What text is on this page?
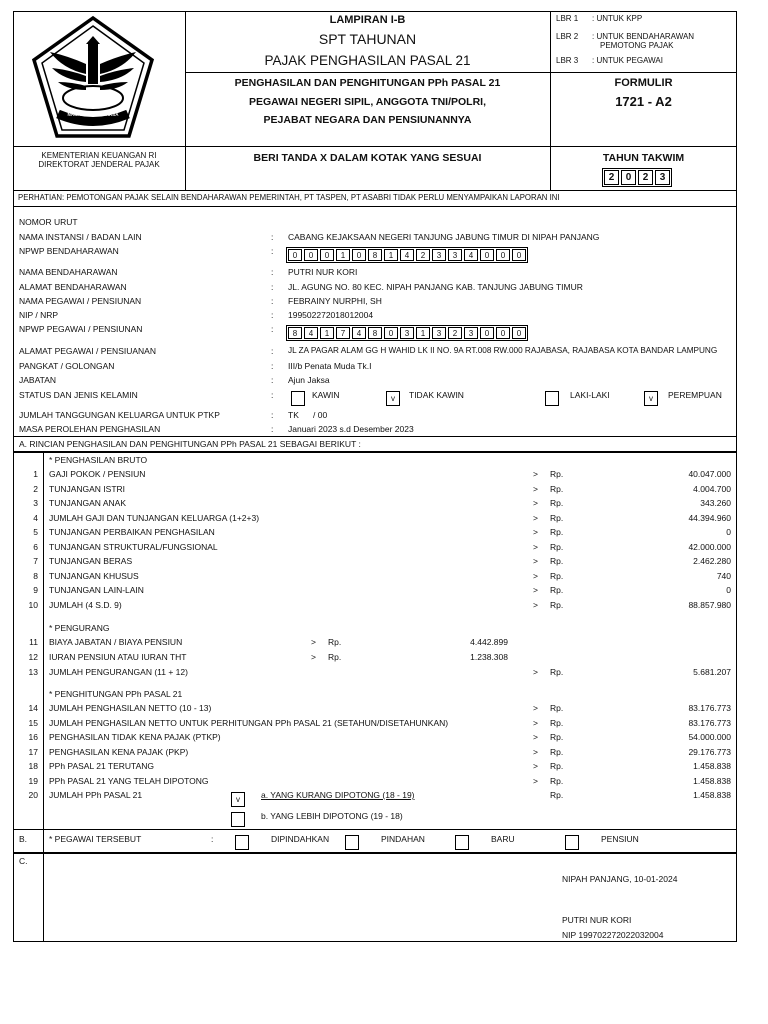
NAGARA DANA RAKSA
KEMENTERIAN KEUANGAN RI
DIREKTORAT JENDERAL PAJAK
LAMPIRAN I-B
SPT TAHUNAN
PAJAK PENGHASILAN PASAL 21
PENGHASILAN DAN PENGHITUNGAN PPh PASAL 21
PEGAWAI NEGERI SIPIL, ANGGOTA TNI/POLRI,
PEJABAT NEGARA DAN PENSIUNANNYA
BERI TANDA X DALAM KOTAK YANG SESUAI
LBR 1 : UNTUK KPP
LBR 2 : UNTUK BENDAHARAWAN
PEMOTONG PAJAK
LBR 3 : UNTUK PEGAWAI
FORMULIR
1721 - A2
TAHUN TAKWIM
2	0	2	3
PERHATIAN: PEMOTONGAN PAJAK SELAIN BENDAHARAWAN PEMERINTAH, PT TASPEN, PT ASABRI TIDAK PERLU MENYAMPAIKAN LAPORAN INI
NOMOR URUT
NAMA INSTANSI / BADAN LAIN	: CABANG KEJAKSAAN NEGERI TANJUNG JABUNG TIMUR DI NIPAH PANJANG
NPWP BENDAHARAWAN	:	0	0	0	1	0	8	1	4	2	3	3	4	0	0	0
NAMA BENDAHARAWAN	: PUTRI NUR KORI
ALAMAT BENDAHARAWAN	: JL. AGUNG NO. 80 KEC. NIPAH PANJANG KAB. TANJUNG JABUNG TIMUR
NAMA PEGAWAI / PENSIUNAN	: FEBRAINY NURPHI, SH
NIP / NRP	: 199502272018012004
NPWP PEGAWAI / PENSIUNAN	:	8	4	1	7	4	8	0	3	1	3	2	3	0	0	0
ALAMAT PEGAWAI / PENSIUANAN	: JL ZA PAGAR ALAM GG H WAHID LK II NO. 9A RT.008 RW.000 RAJABASA, RAJABASA KOTA BANDAR LAMPUNG
PANGKAT / GOLONGAN	: III/b Penata Muda Tk.I
JABATAN	: Ajun Jaksa
STATUS DAN JENIS KELAMIN	:	KAWIN	v	TIDAK KAWIN	LAKI-LAKI	v	PEREMPUAN
JUMLAH TANGGUNGAN KELUARGA UNTUK PTKP	: TK      / 00
MASA PEROLEHAN PENGHASILAN	: Januari 2023 s.d Desember 2023
A. RINCIAN PENGHASILAN DAN PENGHITUNGAN PPh PASAL 21 SEBAGAI BERIKUT :
* PENGHASILAN BRUTO
1 GAJI POKOK / PENSIUN	> Rp.	40.047.000
2 TUNJANGAN ISTRI	> Rp.	4.004.700
3 TUNJANGAN ANAK	> Rp.	343.260
4 JUMLAH GAJI DAN TUNJANGAN KELUARGA (1+2+3)	> Rp.	44.394.960
5 TUNJANGAN PERBAIKAN PENGHASILAN	> Rp.	0
6 TUNJANGAN STRUKTURAL/FUNGSIONAL	> Rp.	42.000.000
7 TUNJANGAN BERAS	> Rp.	2.462.280
8 TUNJANGAN KHUSUS	> Rp.	740
9 TUNJANGAN LAIN-LAIN	> Rp.	0
10 JUMLAH (4 S.D. 9)	> Rp.	88.857.980
* PENGURANG
11 BIAYA JABATAN / BIAYA PENSIUN	> Rp.	4.442.899
12 IURAN PENSIUN ATAU IURAN THT	> Rp.	1.238.308
13 JUMLAH PENGURANGAN (11 + 12)	> Rp.	5.681.207
* PENGHITUNGAN PPh PASAL 21
14 JUMLAH PENGHASILAN NETTO (10 - 13)	> Rp.	83.176.773
15 JUMLAH PENGHASILAN NETTO UNTUK PERHITUNGAN PPh PASAL 21 (SETAHUN/DISETAHUNKAN)	> Rp.	83.176.773
16 PENGHASILAN TIDAK KENA PAJAK (PTKP)	> Rp.	54.000.000
17 PENGHASILAN KENA PAJAK (PKP)	> Rp.	29.176.773
18 PPh PASAL 21 TERUTANG	> Rp.	1.458.838
19 PPh PASAL 21 YANG TELAH DIPOTONG	> Rp.	1.458.838
20 JUMLAH PPh PASAL 21	v	a. YANG KURANG DIPOTONG (18 - 19)	Rp.	1.458.838
b. YANG LEBIH DIPOTONG (19 - 18)
B.	* PEGAWAI TERSEBUT	:	DIPINDAHKAN	PINDAHAN	BARU	PENSIUN
C.
NIPAH PANJANG, 10-01-2024
PUTRI NUR KORI
NIP 199702272022032004
